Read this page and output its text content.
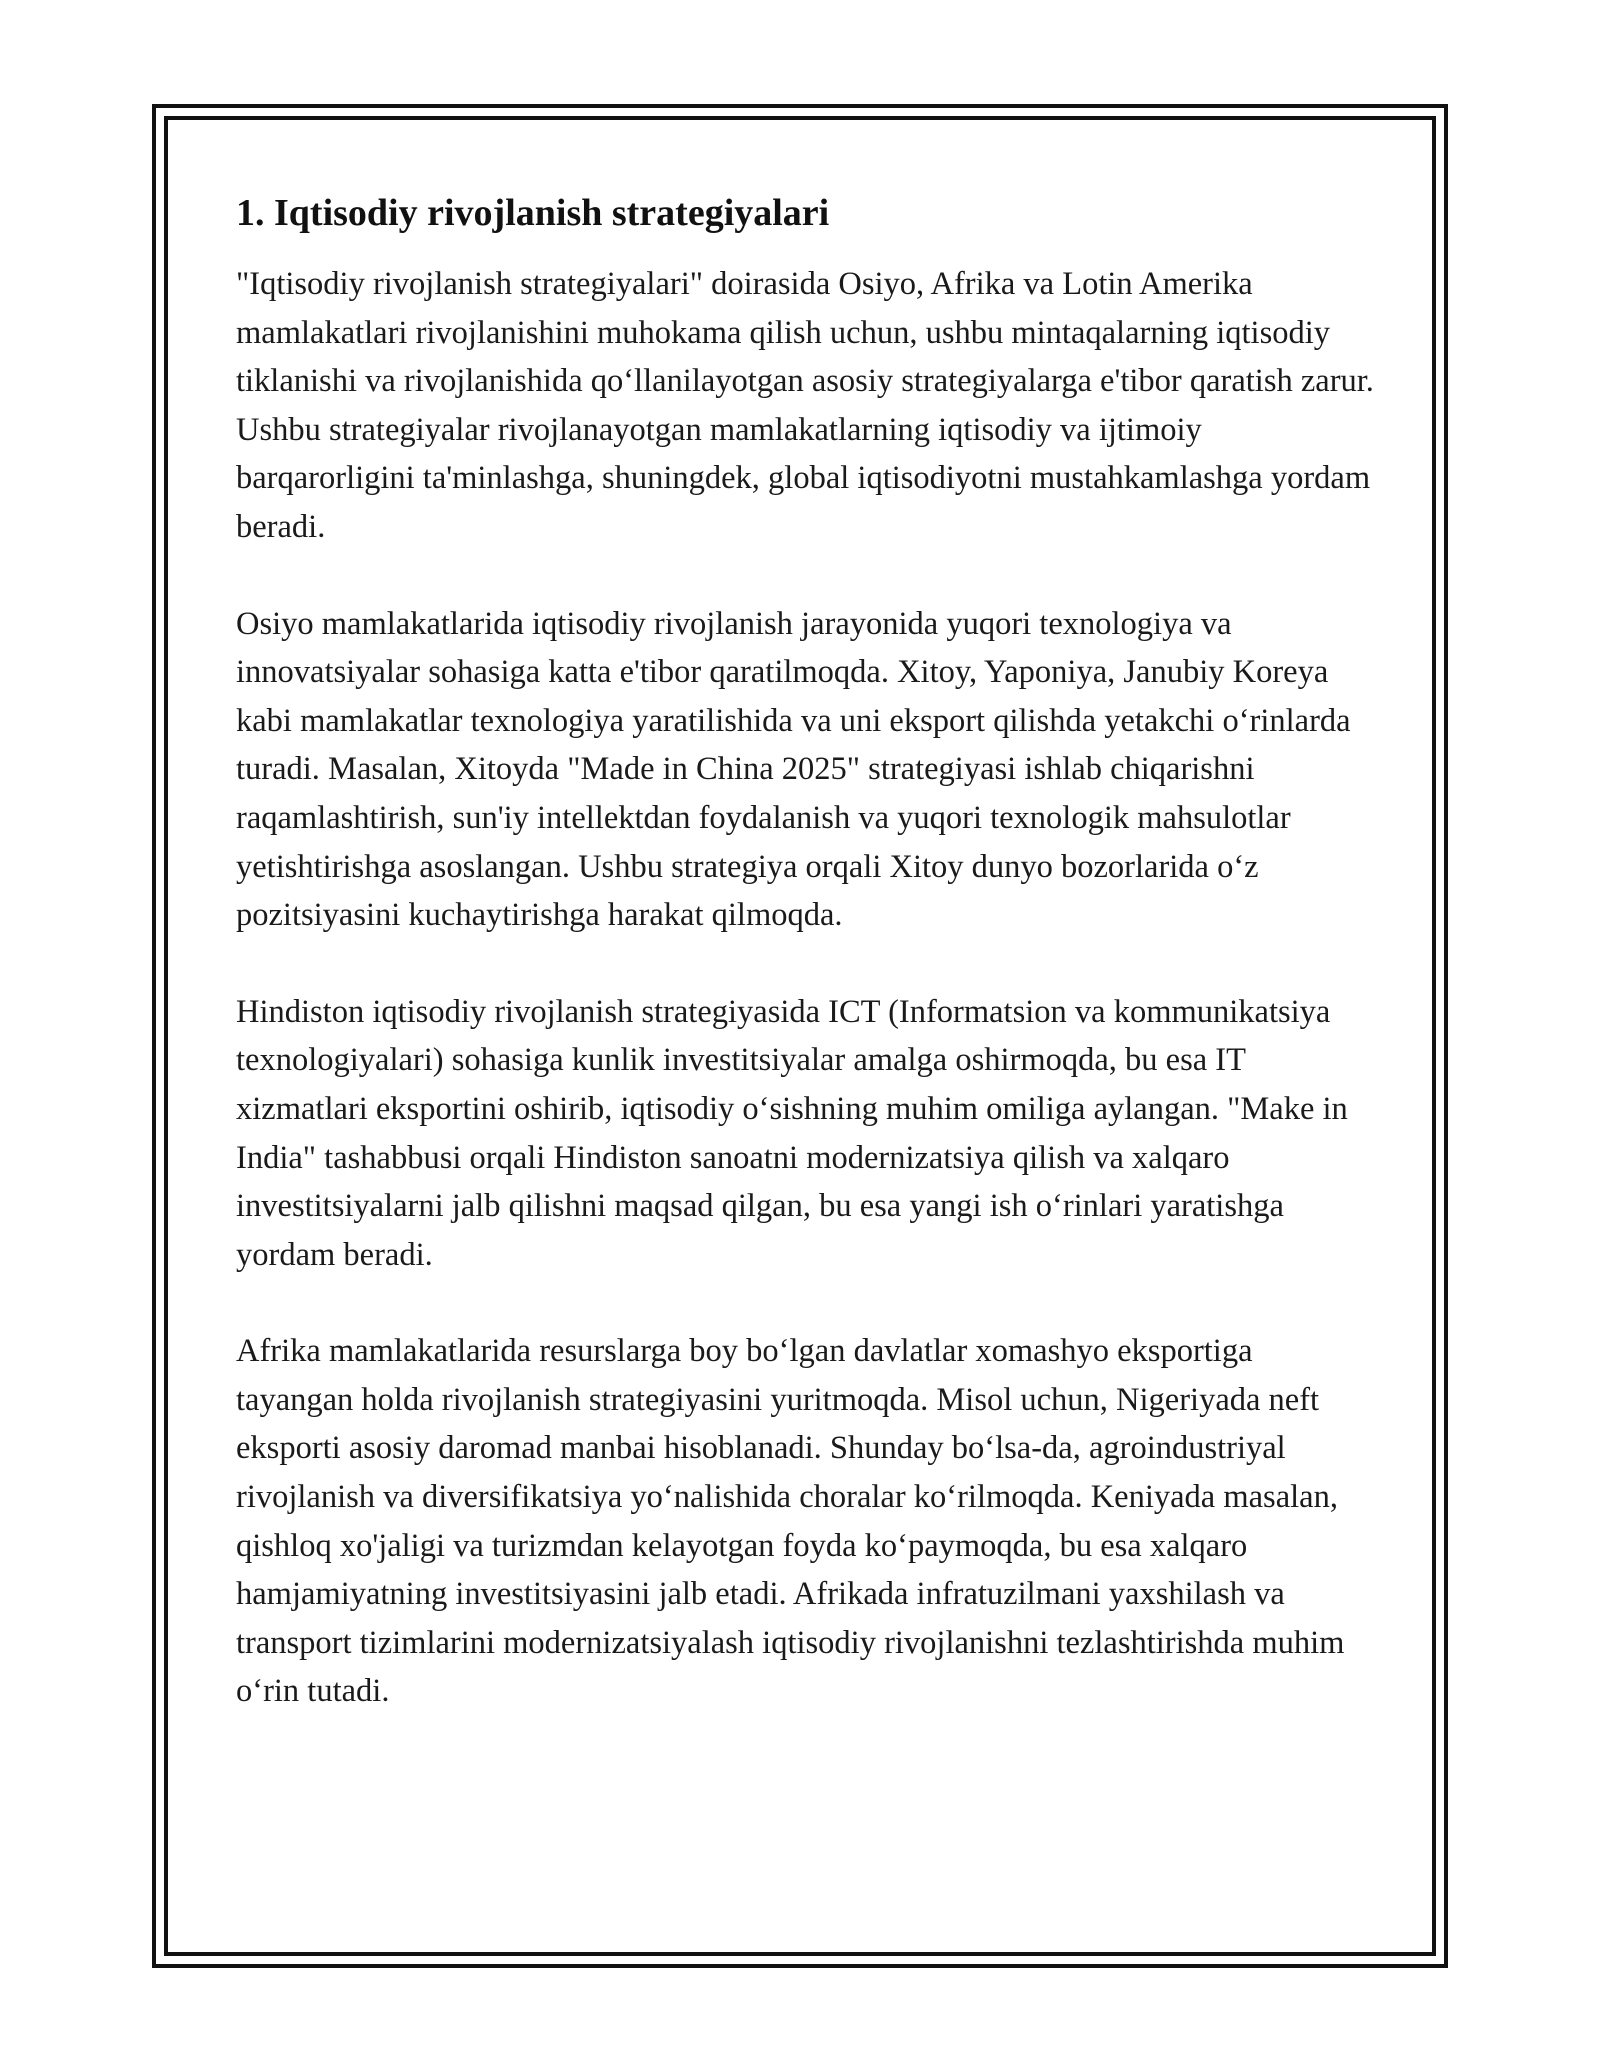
1. Iqtisodiy rivojlanish strategiyalari

"Iqtisodiy rivojlanish strategiyalari" doirasida Osiyo, Afrika va Lotin Amerika mamlakatlari rivojlanishini muhokama qilish uchun, ushbu mintaqalarning iqtisodiy tiklanishi va rivojlanishida qo‘llanilayotgan asosiy strategiyalarga e'tibor qaratish zarur. Ushbu strategiyalar rivojlanayotgan mamlakatlarning iqtisodiy va ijtimoiy barqarorligini ta'minlashga, shuningdek, global iqtisodiyotni mustahkamlashga yordam beradi.

Osiyo mamlakatlarida iqtisodiy rivojlanish jarayonida yuqori texnologiya va innovatsiyalar sohasiga katta e'tibor qaratilmoqda. Xitoy, Yaponiya, Janubiy Koreya kabi mamlakatlar texnologiya yaratilishida va uni eksport qilishda yetakchi o‘rinlarda turadi. Masalan, Xitoyda "Made in China 2025" strategiyasi ishlab chiqarishni raqamlashtirish, sun'iy intellektdan foydalanish va yuqori texnologik mahsulotlar yetishtirishga asoslangan. Ushbu strategiya orqali Xitoy dunyo bozorlarida o‘z pozitsiyasini kuchaytirishga harakat qilmoqda.

Hindiston iqtisodiy rivojlanish strategiyasida ICT (Informatsion va kommunikatsiya texnologiyalari) sohasiga kunlik investitsiyalar amalga oshirmoqda, bu esa IT xizmatlari eksportini oshirib, iqtisodiy o‘sishning muhim omiliga aylangan. "Make in India" tashabbusi orqali Hindiston sanoatni modernizatsiya qilish va xalqaro investitsiyalarni jalb qilishni maqsad qilgan, bu esa yangi ish o‘rinlari yaratishga yordam beradi.

Afrika mamlakatlarida resurslarga boy bo‘lgan davlatlar xomashyo eksportiga tayangan holda rivojlanish strategiyasini yuritmoqda. Misol uchun, Nigeriyada neft eksporti asosiy daromad manbai hisoblanadi. Shunday bo‘lsa-da, agroindustriyal rivojlanish va diversifikatsiya yo‘nalishida choralar ko‘rilmoqda. Keniyada masalan, qishloq xo'jaligi va turizmdan kelayotgan foyda ko‘paymoqda, bu esa xalqaro hamjamiyatning investitsiyasini jalb etadi. Afrikada infratuzilmani yaxshilash va transport tizimlarini modernizatsiyalash iqtisodiy rivojlanishni tezlashtirishda muhim o‘rin tutadi.
